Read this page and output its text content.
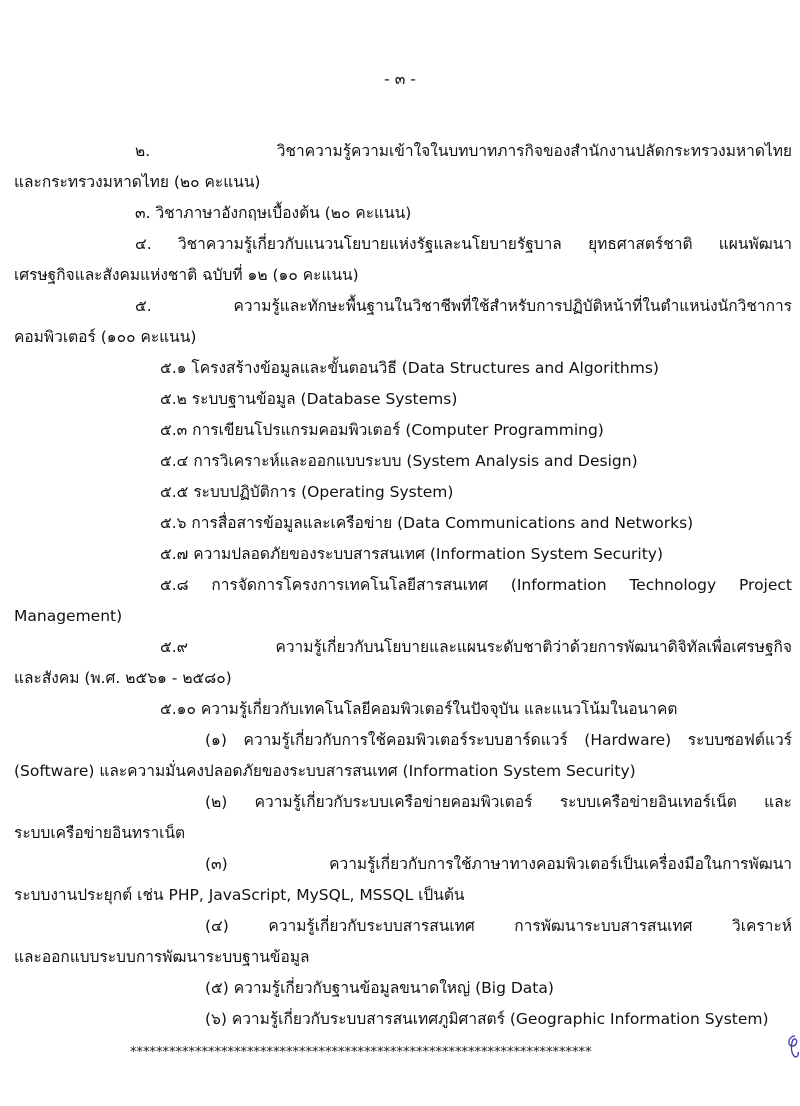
- ๓ -
๒. วิชาความรู้ความเข้าใจในบทบาทภารกิจของสำนักงานปลัดกระทรวงมหาดไทย
และกระทรวงมหาดไทย (๒๐ คะแนน)
๓. วิชาภาษาอังกฤษเบื้องต้น (๒๐ คะแนน)
๔. วิชาความรู้เกี่ยวกับแนวนโยบายแห่งรัฐและนโยบายรัฐบาล ยุทธศาสตร์ชาติ แผนพัฒนา
เศรษฐกิจและสังคมแห่งชาติ ฉบับที่ ๑๒ (๑๐ คะแนน)
๕. ความรู้และทักษะพื้นฐานในวิชาชีพที่ใช้สำหรับการปฏิบัติหน้าที่ในตำแหน่งนักวิชาการ
คอมพิวเตอร์ (๑๐๐ คะแนน)
๕.๑ โครงสร้างข้อมูลและขั้นตอนวิธี (Data Structures and Algorithms)
๕.๒ ระบบฐานข้อมูล (Database Systems)
๕.๓ การเขียนโปรแกรมคอมพิวเตอร์ (Computer Programming)
๕.๔ การวิเคราะห์และออกแบบระบบ (System Analysis and Design)
๕.๕ ระบบปฏิบัติการ (Operating System)
๕.๖ การสื่อสารข้อมูลและเครือข่าย (Data Communications and Networks)
๕.๗ ความปลอดภัยของระบบสารสนเทศ (Information System Security)
๕.๘ การจัดการโครงการเทคโนโลยีสารสนเทศ (Information Technology Project
Management)
๕.๙ ความรู้เกี่ยวกับนโยบายและแผนระดับชาติว่าด้วยการพัฒนาดิจิทัลเพื่อเศรษฐกิจ
และสังคม (พ.ศ. ๒๕๖๑ - ๒๕๘๐)
๕.๑๐ ความรู้เกี่ยวกับเทคโนโลยีคอมพิวเตอร์ในปัจจุบัน และแนวโน้มในอนาคต
(๑) ความรู้เกี่ยวกับการใช้คอมพิวเตอร์ระบบฮาร์ดแวร์ (Hardware) ระบบซอฟต์แวร์
(Software) และความมั่นคงปลอดภัยของระบบสารสนเทศ (Information System Security)
(๒) ความรู้เกี่ยวกับระบบเครือข่ายคอมพิวเตอร์ ระบบเครือข่ายอินเทอร์เน็ต และ
ระบบเครือข่ายอินทราเน็ต
(๓) ความรู้เกี่ยวกับการใช้ภาษาทางคอมพิวเตอร์เป็นเครื่องมือในการพัฒนา
ระบบงานประยุกต์ เช่น PHP, JavaScript, MySQL, MSSQL เป็นต้น
(๔) ความรู้เกี่ยวกับระบบสารสนเทศ การพัฒนาระบบสารสนเทศ วิเคราะห์
และออกแบบระบบการพัฒนาระบบฐานข้อมูล
(๕) ความรู้เกี่ยวกับฐานข้อมูลขนาดใหญ่ (Big Data)
(๖) ความรู้เกี่ยวกับระบบสารสนเทศภูมิศาสตร์ (Geographic Information System)
***********************************************************************
